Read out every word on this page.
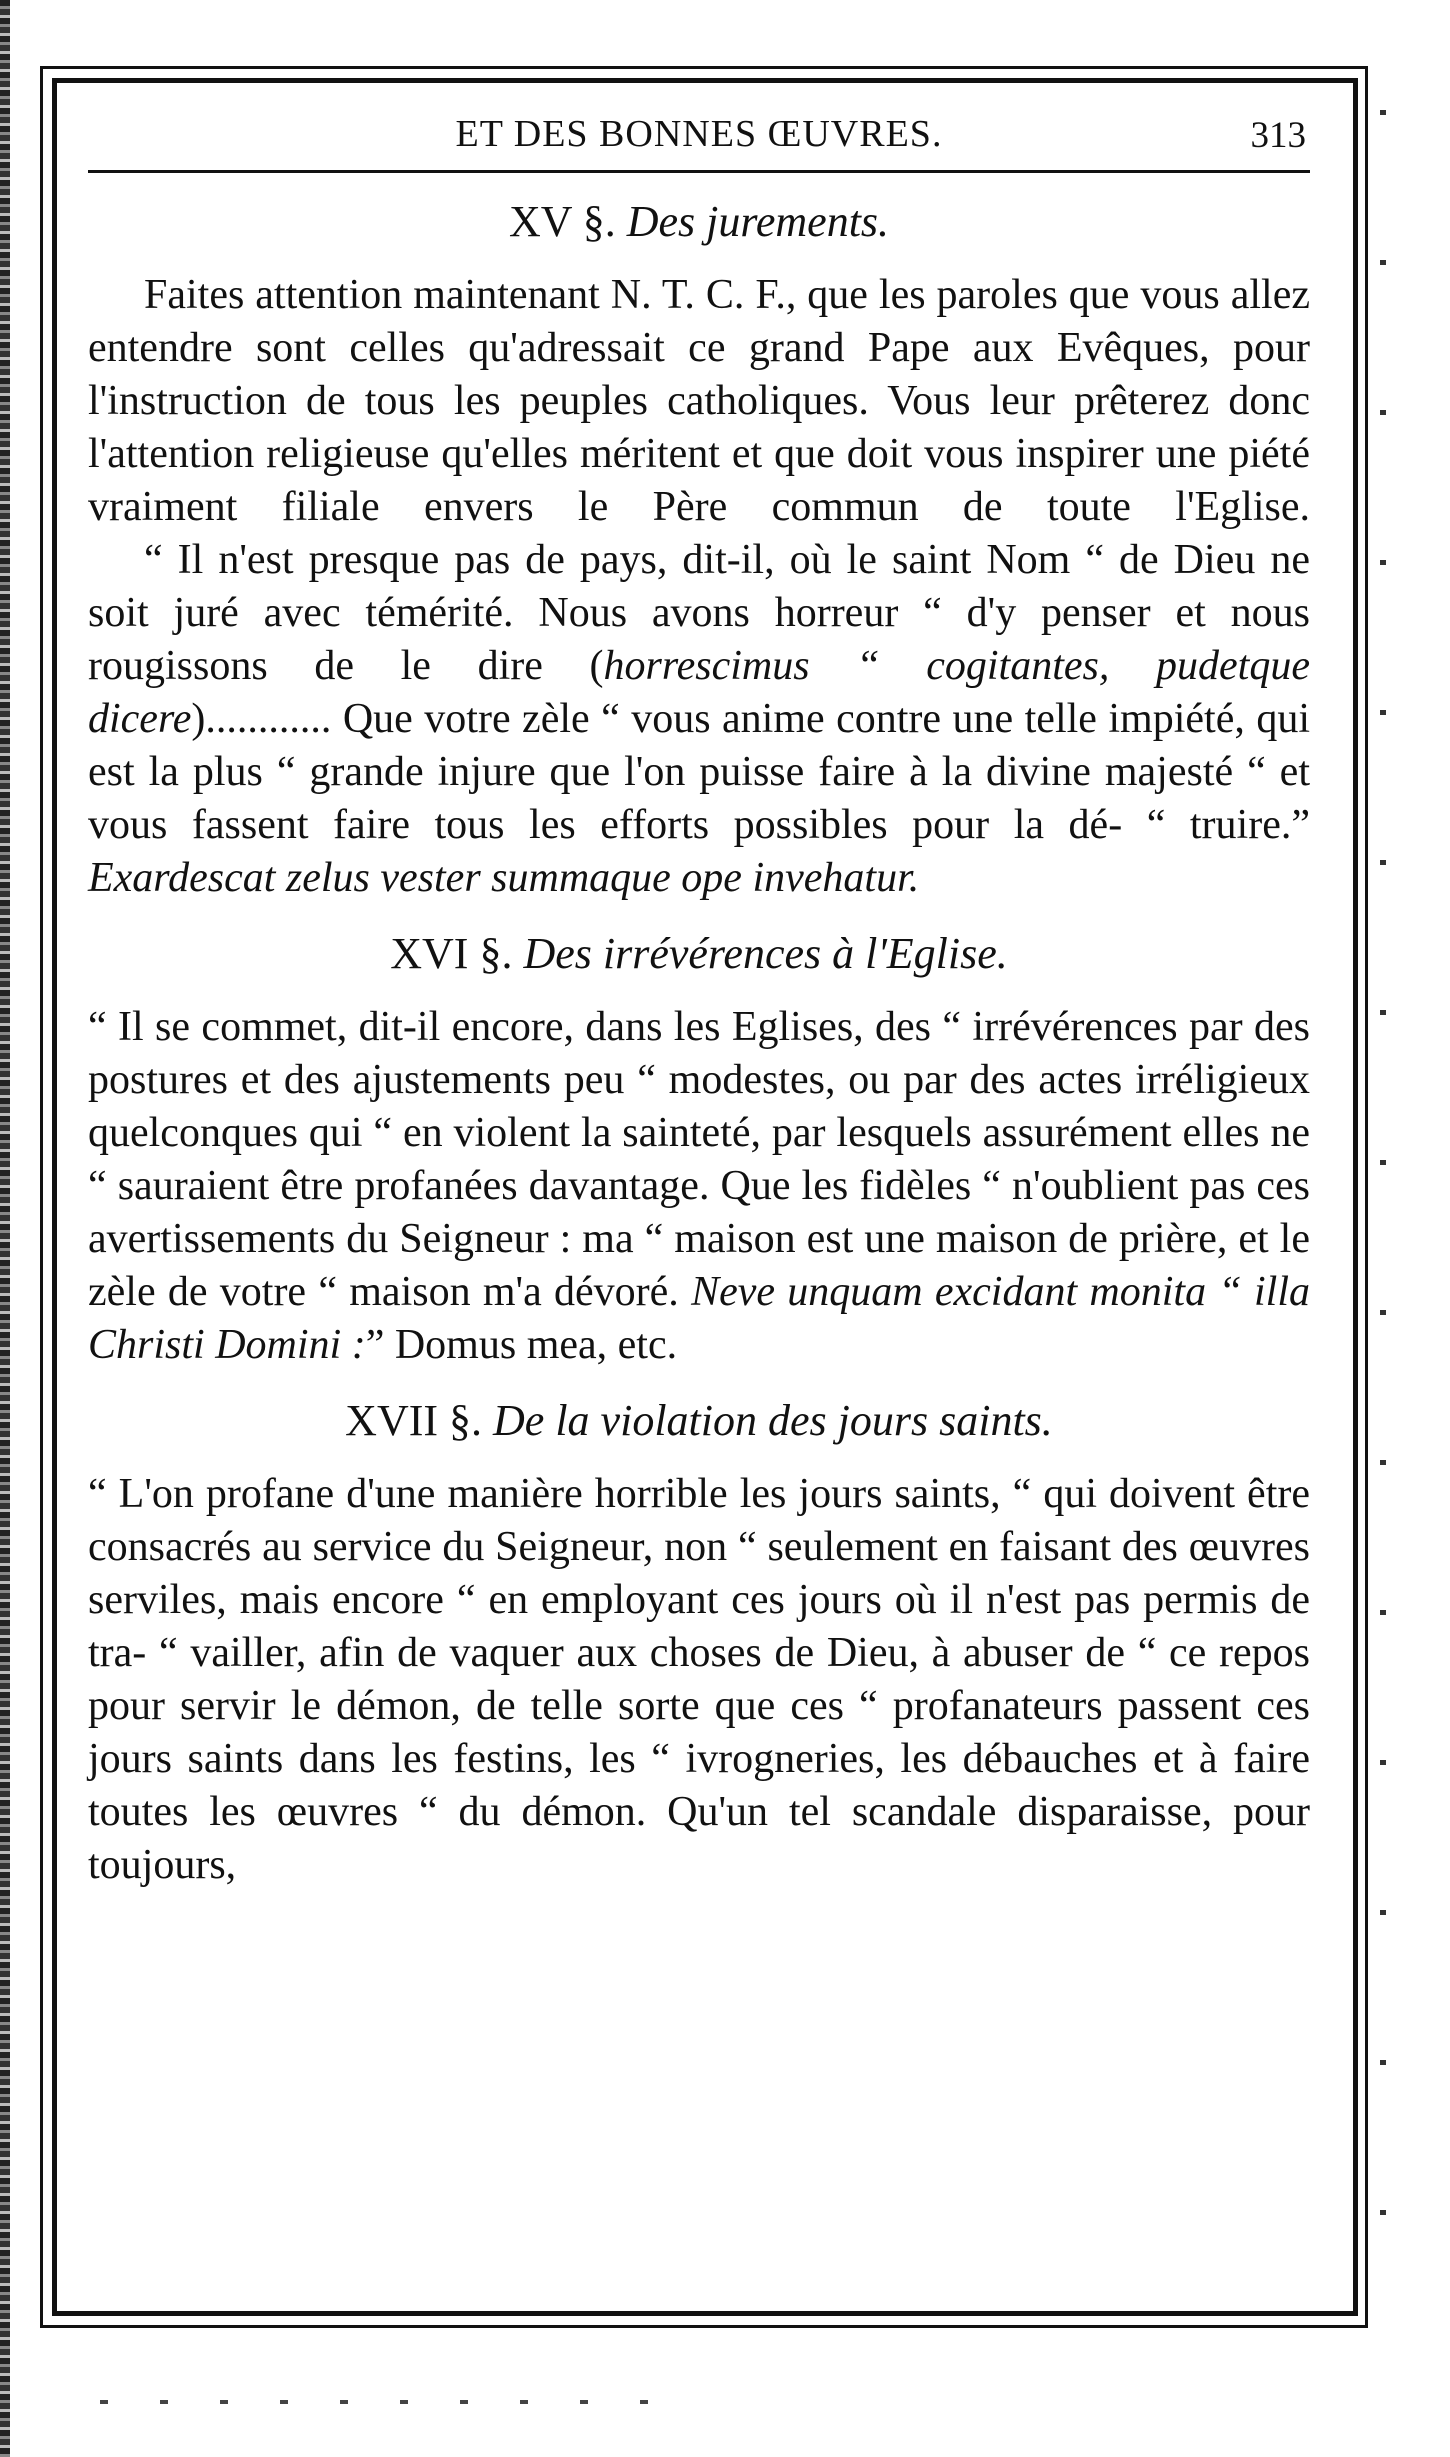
ET DES BONNES ŒUVRES.	313
XV §. Des jurements.

Faites attention maintenant N. T. C. F., que les paroles que vous allez entendre sont celles qu'adressait ce grand Pape aux Evêques, pour l'instruction de tous les peuples catholiques. Vous leur prêterez donc l'attention religieuse qu'elles méritent et que doit vous inspirer une piété vraiment filiale envers le Père commun de toute l'Eglise.

“ Il n'est presque pas de pays, dit-il, où le saint Nom “ de Dieu ne soit juré avec témérité. Nous avons horreur “ d'y penser et nous rougissons de le dire (horrescimus “ cogitantes, pudetque dicere)............ Que votre zèle “ vous anime contre une telle impiété, qui est la plus “ grande injure que l'on puisse faire à la divine majesté “ et vous fassent faire tous les efforts possibles pour la dé- “ truire.” Exardescat zelus vester summaque ope invehatur.

XVI §. Des irrévérences à l'Eglise.

“ Il se commet, dit-il encore, dans les Eglises, des “ irrévérences par des postures et des ajustements peu “ modestes, ou par des actes irréligieux quelconques qui “ en violent la sainteté, par lesquels assurément elles ne “ sauraient être profanées davantage. Que les fidèles “ n'oublient pas ces avertissements du Seigneur : ma “ maison est une maison de prière, et le zèle de votre “ maison m'a dévoré. Neve unquam excidant monita “ illa Christi Domini :” Domus mea, etc.

XVII §. De la violation des jours saints.

“ L'on profane d'une manière horrible les jours saints, “ qui doivent être consacrés au service du Seigneur, non “ seulement en faisant des œuvres serviles, mais encore “ en employant ces jours où il n'est pas permis de tra- “ vailler, afin de vaquer aux choses de Dieu, à abuser de “ ce repos pour servir le démon, de telle sorte que ces “ profanateurs passent ces jours saints dans les festins, les “ ivrogneries, les débauches et à faire toutes les œuvres “ du démon. Qu'un tel scandale disparaisse, pour toujours,
